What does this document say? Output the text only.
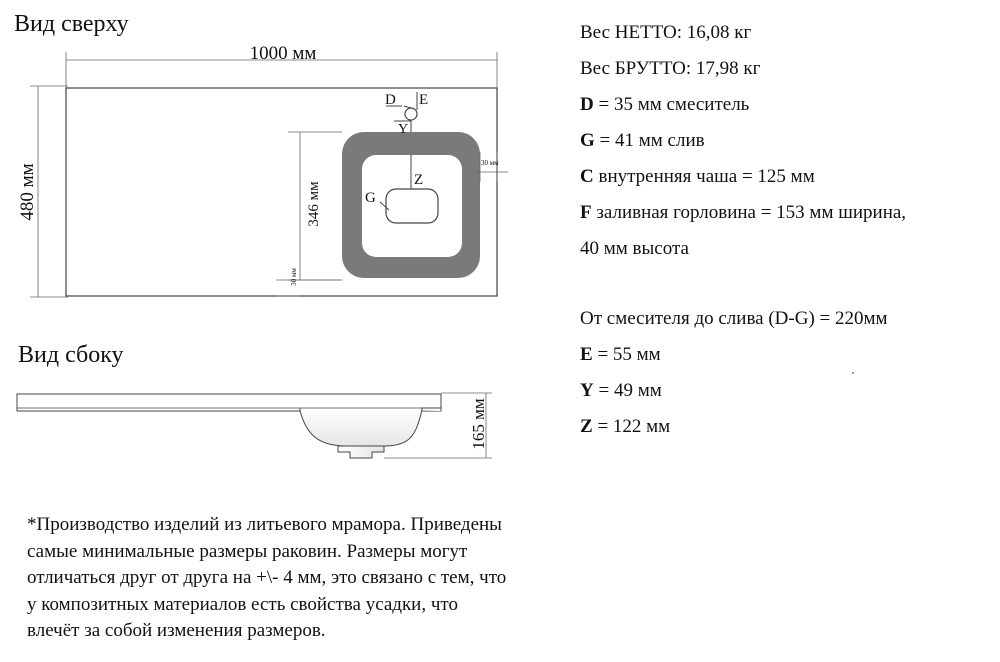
Вид сверху
1000 мм
480 мм	Z
G
D E
Y
346 мм
30 мм
30 мм
Вид сбоку
165 мм
Вес НЕТТО: 16,08 кг
Вес БРУТТО: 17,98 кг
D = 35 мм смеситель
G = 41 мм слив
C внутренняя чаша = 125 мм
F заливная горловина = 153 мм ширина,
40 мм высота
От смесителя до слива (D-G) = 220мм
E = 55 мм
Y = 49 мм
Z = 122 мм
*Производство изделий из литьевого мрамора. Приведены
самые минимальные размеры раковин. Размеры могут
отличаться друг от друга на +\- 4 мм, это связано с тем, что
у композитных материалов есть свойства усадки, что
влечёт за собой изменения размеров.
